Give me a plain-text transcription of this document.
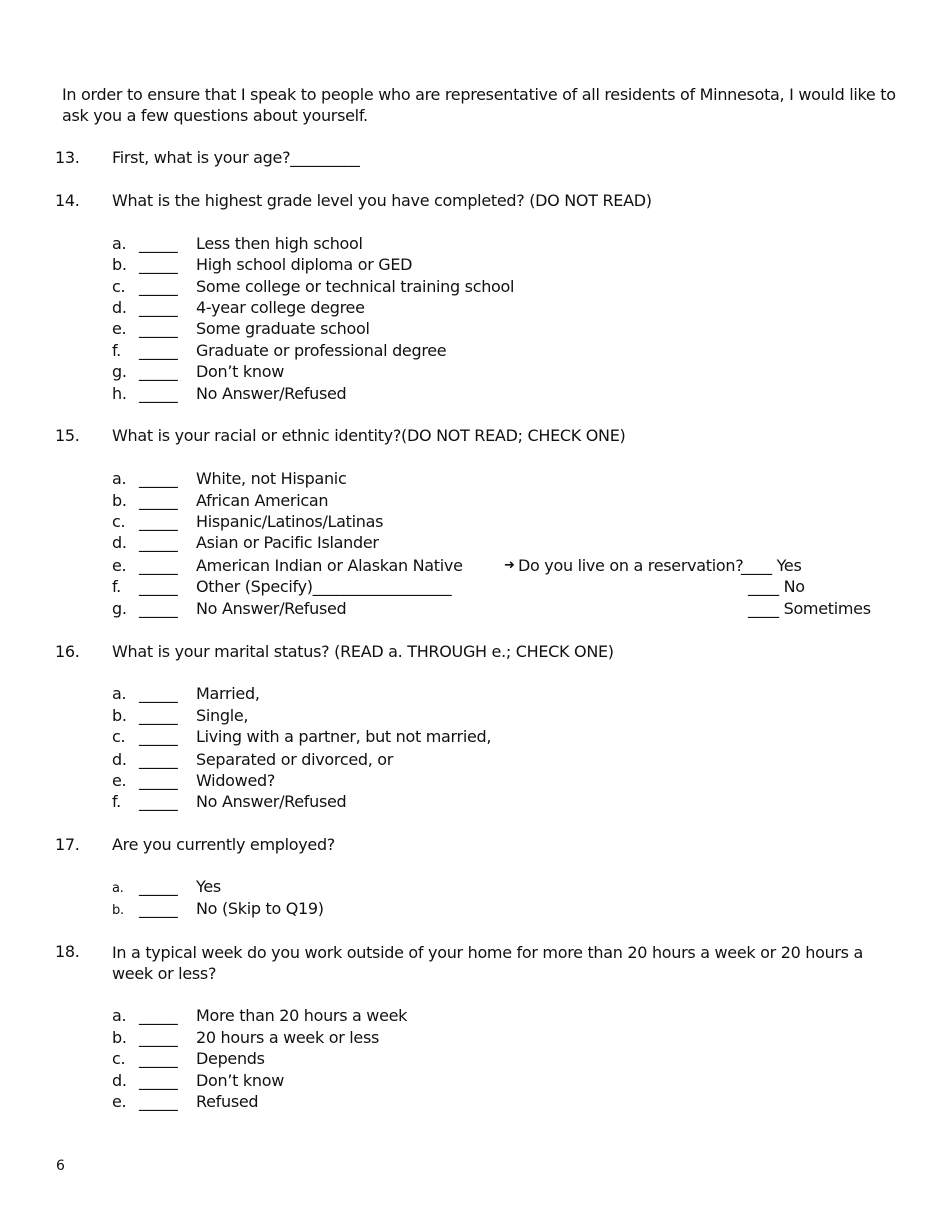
In order to ensure that I speak to people who are representative of all residents of Minnesota, I would like to ask you a few questions about yourself.
13. First, what is your age?_________
14. What is the highest grade level you have completed? (DO NOT READ)
a. _____ Less then high school
b. _____ High school diploma or GED
c. _____ Some college or technical training school
d. _____ 4-year college degree
e. _____ Some graduate school
f. _____ Graduate or professional degree
g. _____ Don’t know
h. _____ No Answer/Refused
15. What is your racial or ethnic identity?(DO NOT READ; CHECK ONE)
a. _____ White, not Hispanic
b. _____ African American
c. _____ Hispanic/Latinos/Latinas
d. _____ Asian or Pacific Islander
e. _____ American Indian or Alaskan Native
f. _____ Other (Specify)__________________
g. _____ No Answer/Refused
➜ Do you live on a reservation?
____ Yes
____ No
____ Sometimes
16. What is your marital status? (READ a. THROUGH e.; CHECK ONE)
a. _____ Married,
b. _____ Single,
c. _____ Living with a partner, but not married,
d. _____ Separated or divorced, or
e. _____ Widowed?
f. _____ No Answer/Refused
17. Are you currently employed?
a. _____ Yes
b. _____ No (Skip to Q19)
18. In a typical week do you work outside of your home for more than 20 hours a week or 20 hours a week or less?
a. _____ More than 20 hours a week
b. _____ 20 hours a week or less
c. _____ Depends
d. _____ Don’t know
e. _____ Refused
6
